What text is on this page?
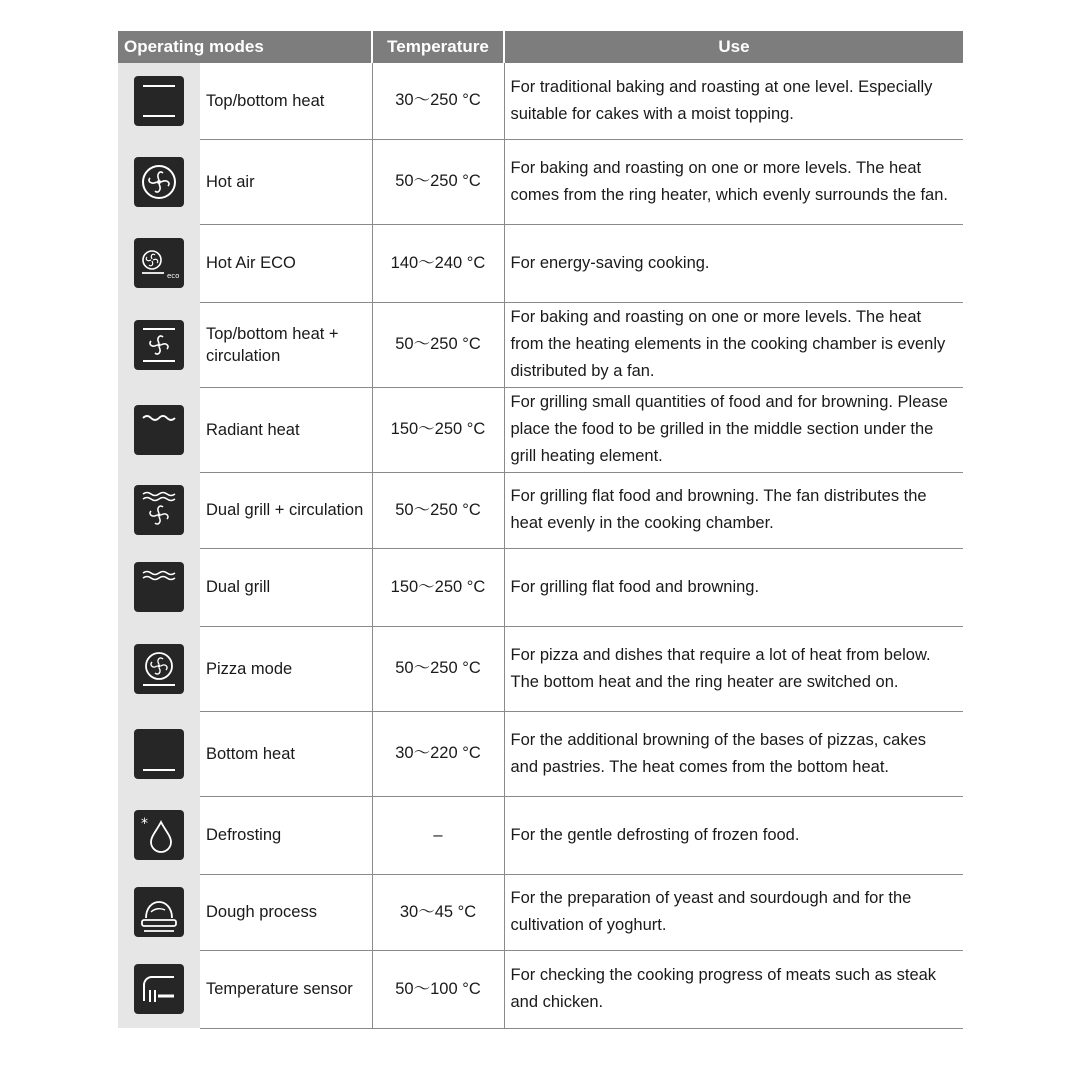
Operating modes		Temperature	Use

	Top/bottom heat	30～250 °C	For traditional baking and roasting at one level. Especially suitable for cakes with a moist topping.

	Hot air	50～250 °C	For baking and roasting on one or more levels. The heat comes from the ring heater, which evenly surrounds the fan.

eco	Hot Air ECO	140～240 °C	For energy-saving cooking.

	Top/bottom heat + circulation	50～250 °C	For baking and roasting on one or more levels. The heat from the heating elements in the cooking chamber is evenly distributed by a fan.

	Radiant heat	150～250 °C	For grilling small quantities of food and for browning. Please place the food to be grilled in the middle section under the grill heating element.

	Dual grill + circulation	50～250 °C	For grilling flat food and browning. The fan distributes the heat evenly in the cooking chamber.

	Dual grill	150～250 °C	For grilling flat food and browning.

	Pizza mode	50～250 °C	For pizza and dishes that require a lot of heat from below. The bottom heat and the ring heater are switched on.

	Bottom heat	30～220 °C	For the additional browning of the bases of pizzas, cakes and pastries. The heat comes from the bottom heat.

*	Defrosting	–	For the gentle defrosting of frozen food.

	Dough process	30～45 °C	For the preparation of yeast and sourdough and for the cultivation of yoghurt.

	Temperature sensor	50～100 °C	For checking the cooking progress of meats such as steak and chicken.
